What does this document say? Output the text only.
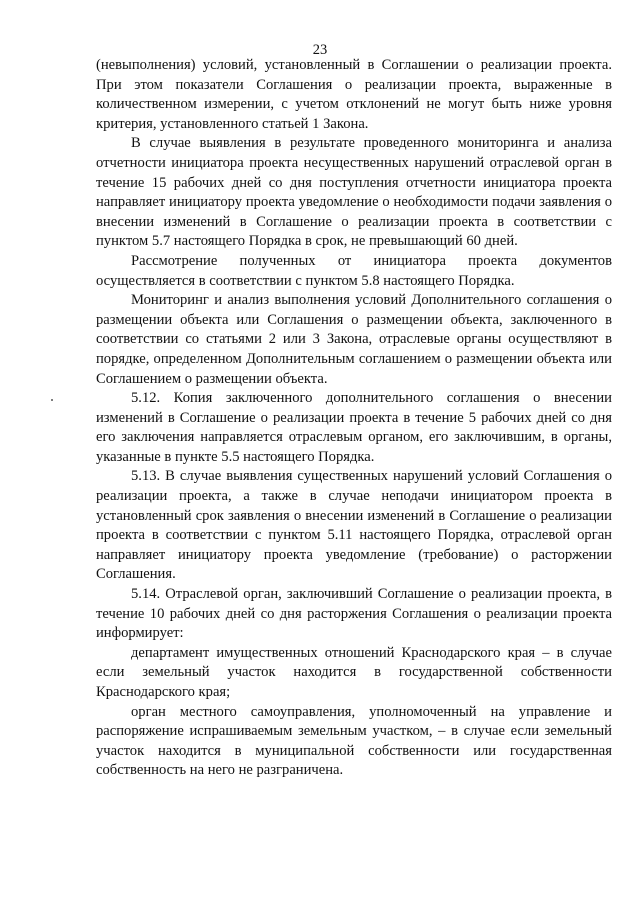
23

(невыполнения) условий, установленный в Соглашении о реализации проекта. При этом показатели Соглашения о реализации проекта, выраженные в количественном измерении, с учетом отклонений не могут быть ниже уровня критерия, установленного статьей 1 Закона.

В случае выявления в результате проведенного мониторинга и анализа отчетности инициатора проекта несущественных нарушений отраслевой орган в течение 15 рабочих дней со дня поступления отчетности инициатора проекта направляет инициатору проекта уведомление о необходимости подачи заявления о внесении изменений в Соглашение о реализации проекта в соответствии с пунктом 5.7 настоящего Порядка в срок, не превышающий 60 дней.

Рассмотрение полученных от инициатора проекта документов осуществляется в соответствии с пунктом 5.8 настоящего Порядка.

Мониторинг и анализ выполнения условий Дополнительного соглашения о размещении объекта или Соглашения о размещении объекта, заключенного в соответствии со статьями 2 или 3 Закона, отраслевые органы осуществляют в порядке, определенном Дополнительным соглашением о размещении объекта или Соглашением о размещении объекта.

5.12. Копия заключенного дополнительного соглашения о внесении изменений в Соглашение о реализации проекта в течение 5 рабочих дней со дня его заключения направляется отраслевым органом, его заключившим, в органы, указанные в пункте 5.5 настоящего Порядка.

5.13. В случае выявления существенных нарушений условий Соглашения о реализации проекта, а также в случае неподачи инициатором проекта в установленный срок заявления о внесении изменений в Соглашение о реализации проекта в соответствии с пунктом 5.11 настоящего Порядка, отраслевой орган направляет инициатору проекта уведомление (требование) о расторжении Соглашения.

5.14. Отраслевой орган, заключивший Соглашение о реализации проекта, в течение 10 рабочих дней со дня расторжения Соглашения о реализации проекта информирует:

департамент имущественных отношений Краснодарского края – в случае если земельный участок находится в государственной собственности Краснодарского края;

орган местного самоуправления, уполномоченный на управление и распоряжение испрашиваемым земельным участком, – в случае если земельный участок находится в муниципальной собственности или государственная собственность на него не разграничена.
